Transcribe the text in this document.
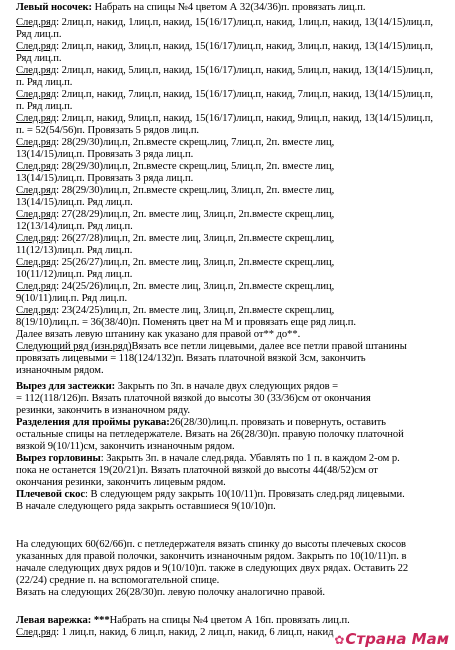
Левый носочек: Набрать на спицы №4 цветом А 32(34/36)п. провязать лиц.п.
След.ряд: 2лиц.п, накид, 1лиц.п, накид, 15(16/17)лиц.п, накид, 1лиц.п, накид, 13(14/15)лиц.п,
Ряд лиц.п.
След.ряд: 2лиц.п, накид, 3лиц.п, накид, 15(16/17)лиц.п, накид, 3лиц.п, накид, 13(14/15)лиц.п,
Ряд лиц.п.
След.ряд: 2лиц.п, накид, 5лиц.п, накид, 15(16/17)лиц.п, накид, 5лиц.п, накид, 13(14/15)лиц.п,
п. Ряд лиц.п.
След.ряд: 2лиц.п, накид, 7лиц.п, накид, 15(16/17)лиц.п, накид, 7лиц.п, накид, 13(14/15)лиц.п,
п. Ряд лиц.п.
След.ряд: 2лиц.п, накид, 9лиц.п, накид, 15(16/17)лиц.п, накид, 9лиц.п, накид, 13(14/15)лиц.п,
п. = 52(54/56)п. Провязать 5 рядов лиц.п.
След.ряд: 28(29/30)лиц.п, 2п.вместе скрещ.лиц, 7лиц.п, 2п. вместе лиц,
13(14/15)лиц.п. Провязать 3 ряда лиц.п.
След.ряд: 28(29/30)лиц.п, 2п.вместе скрещ.лиц, 5лиц.п, 2п. вместе лиц,
13(14/15)лиц.п. Провязать 3 ряда лиц.п.
След.ряд: 28(29/30)лиц.п, 2п.вместе скрещ.лиц, 3лиц.п, 2п. вместе лиц,
13(14/15)лиц.п. Ряд лиц.п.
След.ряд: 27(28/29)лиц.п, 2п. вместе лиц, 3лиц.п, 2п.вместе скрещ.лиц,
12(13/14)лиц.п. Ряд лиц.п.
След.ряд: 26(27/28)лиц.п, 2п. вместе лиц, 3лиц.п, 2п.вместе скрещ.лиц,
11(12/13)лиц.п. Ряд лиц.п.
След.ряд: 25(26/27)лиц.п, 2п. вместе лиц, 3лиц.п, 2п.вместе скрещ.лиц,
10(11/12)лиц.п. Ряд лиц.п.
След.ряд: 24(25/26)лиц.п, 2п. вместе лиц, 3лиц.п, 2п.вместе скрещ.лиц,
9(10/11)лиц.п. Ряд лиц.п.
След.ряд: 23(24/25)лиц.п, 2п. вместе лиц, 3лиц.п, 2п.вместе скрещ.лиц,
8(19/10)лиц.п. = 36(38/40)п. Поменять цвет на М и провязать еще ряд лиц.п.
Далее вязать левую штанину как указано для правой от** до**.
Следующий ряд (изн.ряд)Вязать все петли лицевыми, далее все петли правой штанины
провязать лицевыми = 118(124/132)п. Вязать платочной вязкой 3см, закончить
изнаночным рядом.
Вырез для застежки: Закрыть по 3п. в начале двух следующих рядов =
= 112(118/126)п. Вязать платочной вязкой до высоты 30 (33/36)см от окончания
резинки, закончить в изнаночном ряду.
Разделения для проймы рукава:26(28/30)лиц.п. провязать и повернуть, оставить
остальные спицы на петледержателе. Вязать на 26(28/30)п. правую полочку платочной
вязкой 9(10/11)см, закончить изнаночным рядом.
Вырез горловины: Закрыть 3п. в начале след.ряда. Убавлять по 1 п. в каждом 2-ом р.
пока не останется 19(20/21)п. Вязать платочной вязкой до высоты 44(48/52)см от
окончания резинки, закончить лицевым рядом.
Плечевой скос: В следующем ряду закрыть 10(10/11)п. Провязать след.ряд лицевыми.
В начале следующего ряда закрыть оставшиеся 9(10/10)п.
На следующих 60(62/66)п. с петледержателя вязать спинку до высоты плечевых скосов
указанных для правой полочки, закончить изнаночным рядом. Закрыть по 10(10/11)п. в
начале следующих двух рядов и 9(10/10)п. также в следующих двух рядах. Оставить 22
(22/24) средние п. на вспомогательной спице.
Вязать на следующих 26(28/30)п. левую полочку аналогично правой.
Левая варежка: ***Набрать на спицы №4 цветом А 16п. провязать лиц.п.
След.ряд: 1 лиц.п, накид, 6 лиц.п, накид, 2 лиц.п, накид, 6 лиц.п, накид
✿Страна Мам
